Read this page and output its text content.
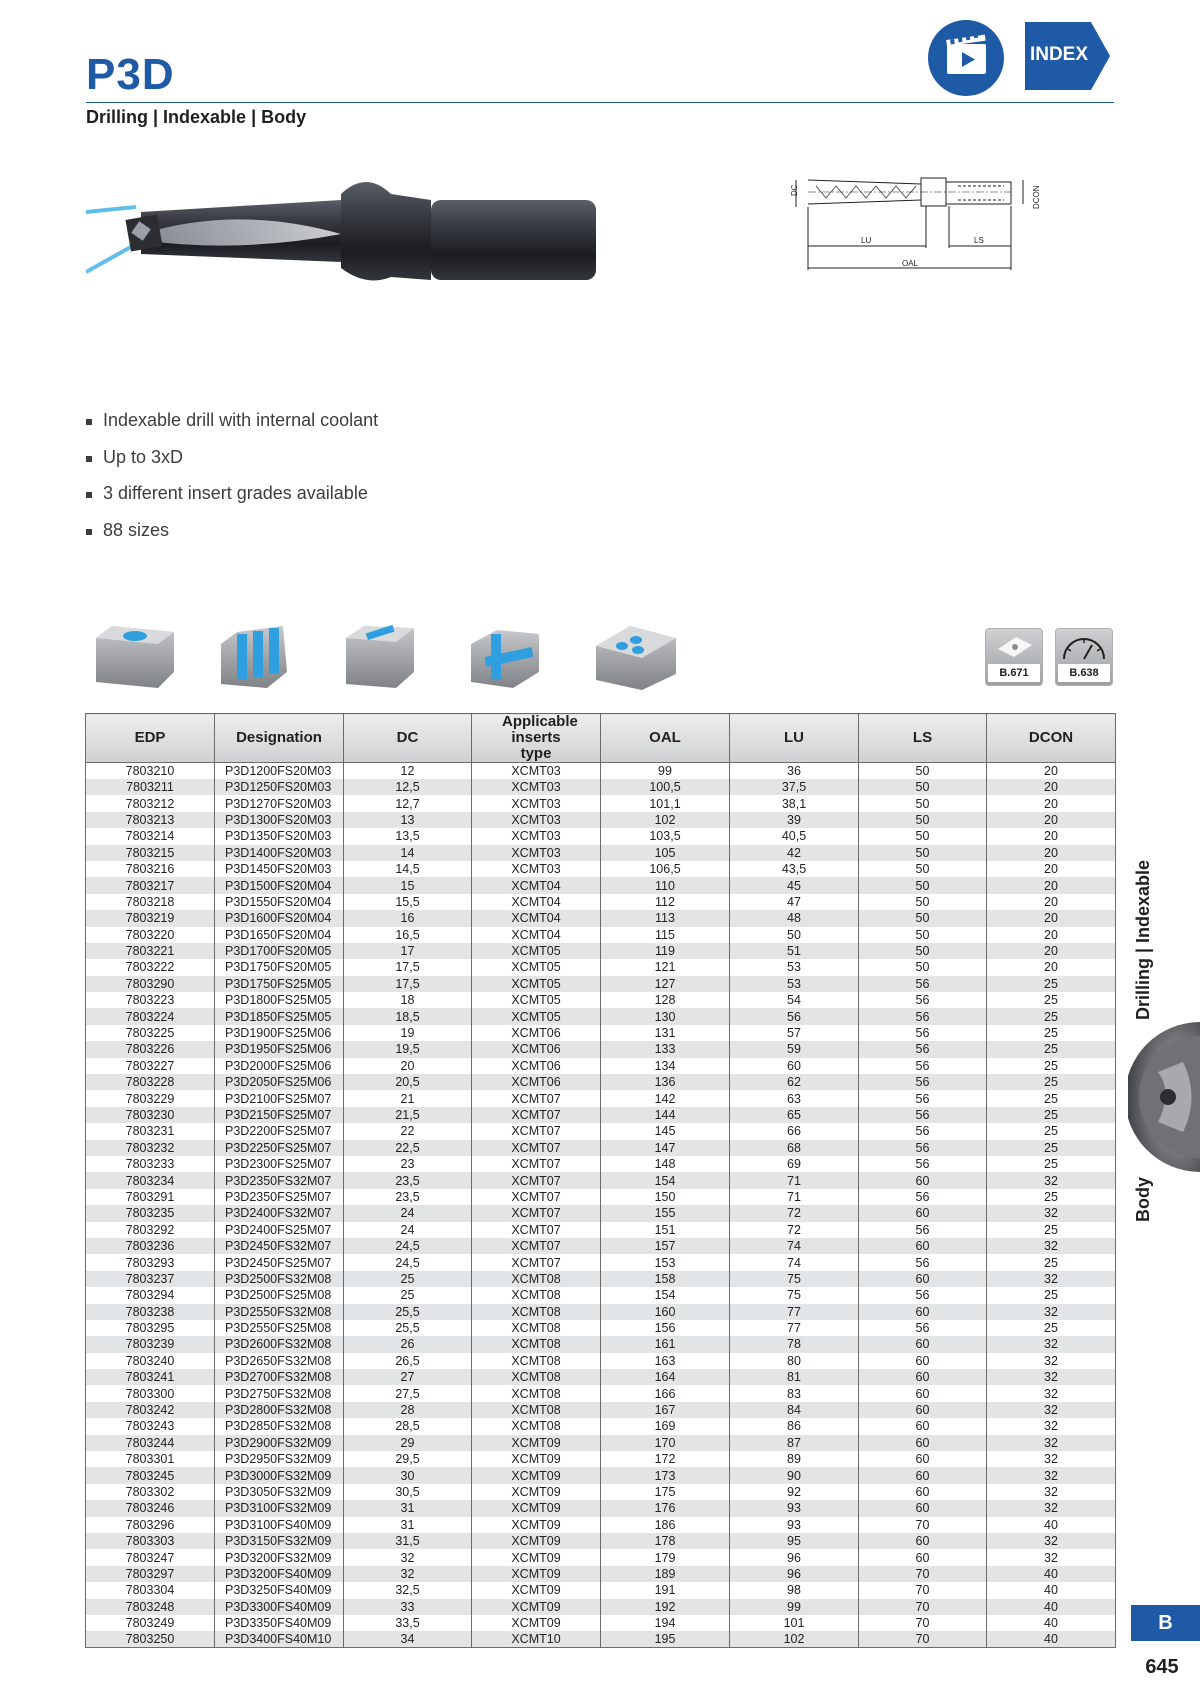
P3D
Drilling | Indexable | Body
INDEX
DC	DCON
LU	LS
OAL
Indexable drill with internal coolant
Up to 3xD
3 different insert grades available
88 sizes
B.671	B.638
EDP	Designation	DC	Applicable inserts type	OAL	LU	LS	DCON
7803210	P3D1200FS20M03	12	XCMT03	99	36	50	20
7803211	P3D1250FS20M03	12,5	XCMT03	100,5	37,5	50	20
7803212	P3D1270FS20M03	12,7	XCMT03	101,1	38,1	50	20
7803213	P3D1300FS20M03	13	XCMT03	102	39	50	20
7803214	P3D1350FS20M03	13,5	XCMT03	103,5	40,5	50	20
7803215	P3D1400FS20M03	14	XCMT03	105	42	50	20
7803216	P3D1450FS20M03	14,5	XCMT03	106,5	43,5	50	20
7803217	P3D1500FS20M04	15	XCMT04	110	45	50	20
7803218	P3D1550FS20M04	15,5	XCMT04	112	47	50	20
7803219	P3D1600FS20M04	16	XCMT04	113	48	50	20
7803220	P3D1650FS20M04	16,5	XCMT04	115	50	50	20
7803221	P3D1700FS20M05	17	XCMT05	119	51	50	20
7803222	P3D1750FS20M05	17,5	XCMT05	121	53	50	20
7803290	P3D1750FS25M05	17,5	XCMT05	127	53	56	25
7803223	P3D1800FS25M05	18	XCMT05	128	54	56	25
7803224	P3D1850FS25M05	18,5	XCMT05	130	56	56	25
7803225	P3D1900FS25M06	19	XCMT06	131	57	56	25
7803226	P3D1950FS25M06	19,5	XCMT06	133	59	56	25
7803227	P3D2000FS25M06	20	XCMT06	134	60	56	25
7803228	P3D2050FS25M06	20,5	XCMT06	136	62	56	25
7803229	P3D2100FS25M07	21	XCMT07	142	63	56	25
7803230	P3D2150FS25M07	21,5	XCMT07	144	65	56	25
7803231	P3D2200FS25M07	22	XCMT07	145	66	56	25
7803232	P3D2250FS25M07	22,5	XCMT07	147	68	56	25
7803233	P3D2300FS25M07	23	XCMT07	148	69	56	25
7803234	P3D2350FS32M07	23,5	XCMT07	154	71	60	32
7803291	P3D2350FS25M07	23,5	XCMT07	150	71	56	25
7803235	P3D2400FS32M07	24	XCMT07	155	72	60	32
7803292	P3D2400FS25M07	24	XCMT07	151	72	56	25
7803236	P3D2450FS32M07	24,5	XCMT07	157	74	60	32
7803293	P3D2450FS25M07	24,5	XCMT07	153	74	56	25
7803237	P3D2500FS32M08	25	XCMT08	158	75	60	32
7803294	P3D2500FS25M08	25	XCMT08	154	75	56	25
7803238	P3D2550FS32M08	25,5	XCMT08	160	77	60	32
7803295	P3D2550FS25M08	25,5	XCMT08	156	77	56	25
7803239	P3D2600FS32M08	26	XCMT08	161	78	60	32
7803240	P3D2650FS32M08	26,5	XCMT08	163	80	60	32
7803241	P3D2700FS32M08	27	XCMT08	164	81	60	32
7803300	P3D2750FS32M08	27,5	XCMT08	166	83	60	32
7803242	P3D2800FS32M08	28	XCMT08	167	84	60	32
7803243	P3D2850FS32M08	28,5	XCMT08	169	86	60	32
7803244	P3D2900FS32M09	29	XCMT09	170	87	60	32
7803301	P3D2950FS32M09	29,5	XCMT09	172	89	60	32
7803245	P3D3000FS32M09	30	XCMT09	173	90	60	32
7803302	P3D3050FS32M09	30,5	XCMT09	175	92	60	32
7803246	P3D3100FS32M09	31	XCMT09	176	93	60	32
7803296	P3D3100FS40M09	31	XCMT09	186	93	70	40
7803303	P3D3150FS32M09	31,5	XCMT09	178	95	60	32
7803247	P3D3200FS32M09	32	XCMT09	179	96	60	32
7803297	P3D3200FS40M09	32	XCMT09	189	96	70	40
7803304	P3D3250FS40M09	32,5	XCMT09	191	98	70	40
7803248	P3D3300FS40M09	33	XCMT09	192	99	70	40
7803249	P3D3350FS40M09	33,5	XCMT09	194	101	70	40
7803250	P3D3400FS40M10	34	XCMT10	195	102	70	40
Drilling | Indexable
Body
B
645
